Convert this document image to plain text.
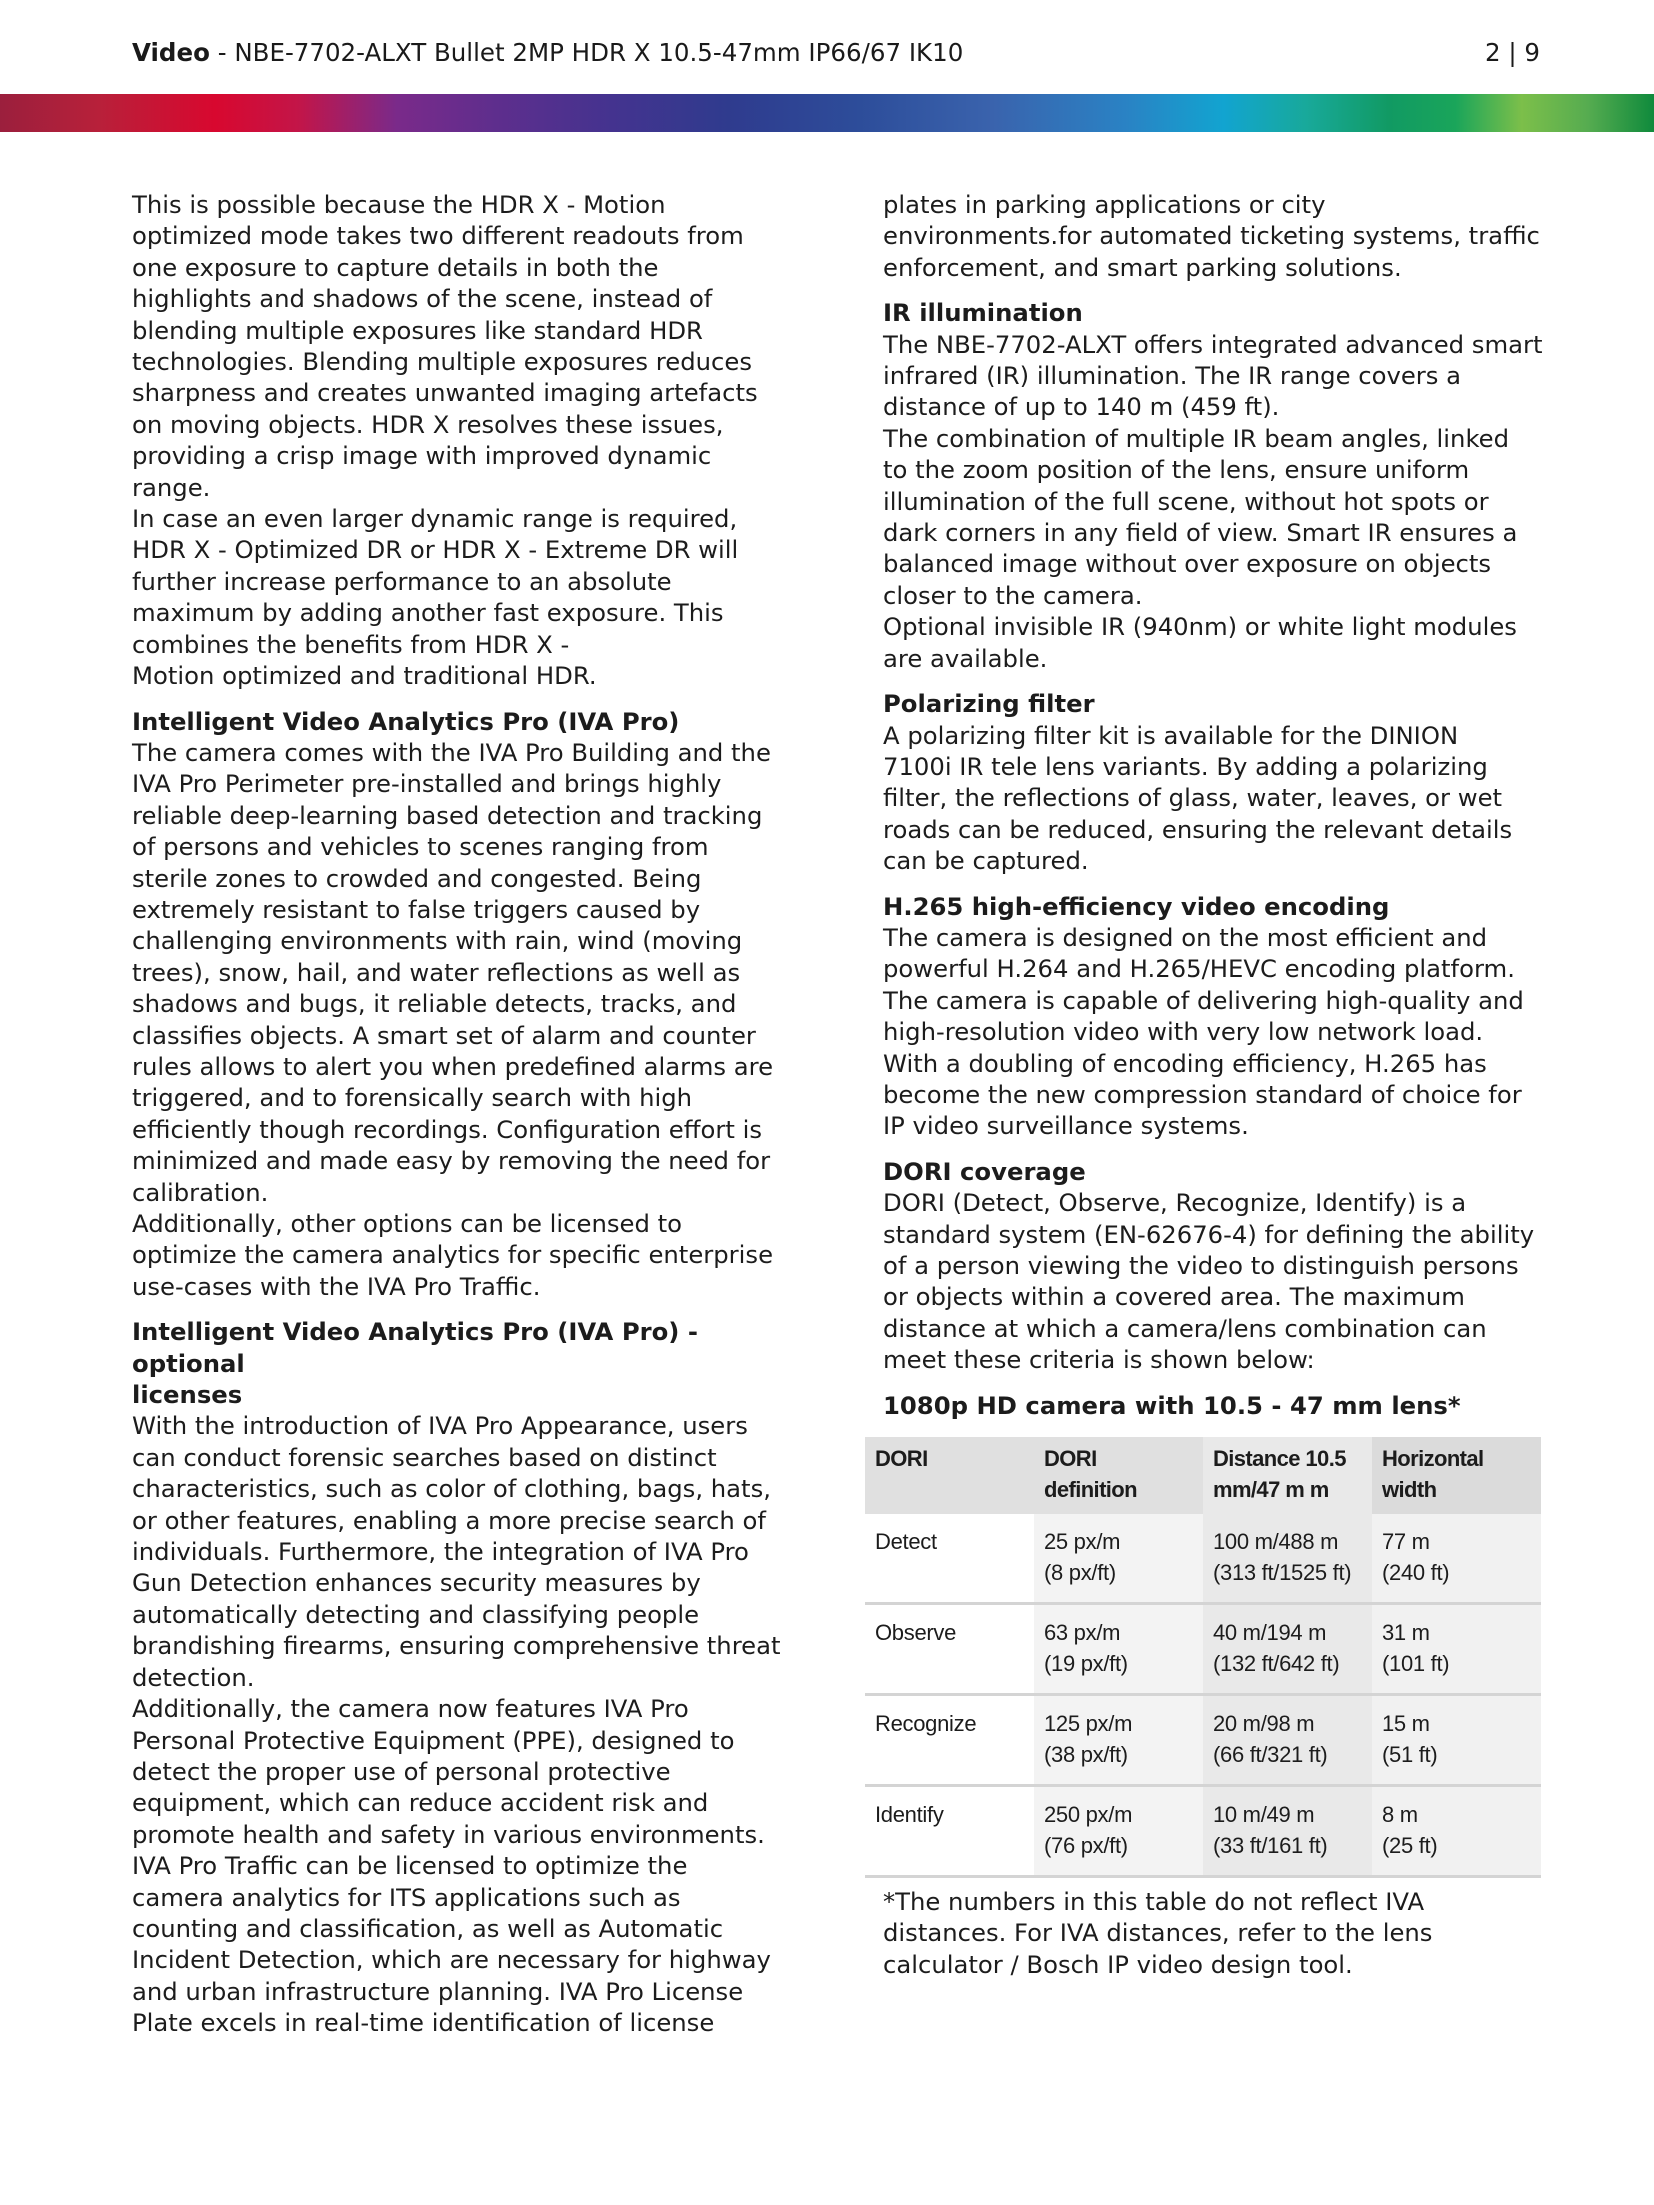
Video - NBE-7702-ALXT Bullet 2MP HDR X 10.5-47mm IP66/67 IK10	2 | 9

This is possible because the HDR X - Motion
optimized mode takes two different readouts from
one exposure to capture details in both the
highlights and shadows of the scene, instead of
blending multiple exposures like standard HDR
technologies. Blending multiple exposures reduces
sharpness and creates unwanted imaging artefacts
on moving objects. HDR X resolves these issues,
providing a crisp image with improved dynamic
range.
In case an even larger dynamic range is required,
HDR X - Optimized DR or HDR X - Extreme DR will
further increase performance to an absolute
maximum by adding another fast exposure. This
combines the benefits from HDR X -
Motion optimized and traditional HDR.

Intelligent Video Analytics Pro (IVA Pro)

The camera comes with the IVA Pro Building and the
IVA Pro Perimeter pre-installed and brings highly
reliable deep-learning based detection and tracking
of persons and vehicles to scenes ranging from
sterile zones to crowded and congested. Being
extremely resistant to false triggers caused by
challenging environments with rain, wind (moving
trees), snow, hail, and water reflections as well as
shadows and bugs, it reliable detects, tracks, and
classifies objects. A smart set of alarm and counter
rules allows to alert you when predefined alarms are
triggered, and to forensically search with high
efficiently though recordings. Configuration effort is
minimized and made easy by removing the need for
calibration.
Additionally, other options can be licensed to
optimize the camera analytics for specific enterprise
use-cases with the IVA Pro Traffic.

Intelligent Video Analytics Pro (IVA Pro) - optional
licenses

With the introduction of IVA Pro Appearance, users
can conduct forensic searches based on distinct
characteristics, such as color of clothing, bags, hats,
or other features, enabling a more precise search of
individuals. Furthermore, the integration of IVA Pro
Gun Detection enhances security measures by
automatically detecting and classifying people
brandishing firearms, ensuring comprehensive threat
detection.
Additionally, the camera now features IVA Pro
Personal Protective Equipment (PPE), designed to
detect the proper use of personal protective
equipment, which can reduce accident risk and
promote health and safety in various environments.
IVA Pro Traffic can be licensed to optimize the
camera analytics for ITS applications such as
counting and classification, as well as Automatic
Incident Detection, which are necessary for highway
and urban infrastructure planning. IVA Pro License
Plate excels in real-time identification of license

plates in parking applications or city
environments.for automated ticketing systems, traffic
enforcement, and smart parking solutions.

IR illumination

The NBE-7702-ALXT offers integrated advanced smart
infrared (IR) illumination. The IR range covers a
distance of up to 140 m (459 ft).
The combination of multiple IR beam angles, linked
to the zoom position of the lens, ensure uniform
illumination of the full scene, without hot spots or
dark corners in any field of view. Smart IR ensures a
balanced image without over exposure on objects
closer to the camera.
Optional invisible IR (940nm) or white light modules
are available.

Polarizing filter

A polarizing filter kit is available for the DINION
7100i IR tele lens variants. By adding a polarizing
filter, the reflections of glass, water, leaves, or wet
roads can be reduced, ensuring the relevant details
can be captured.

H.265 high-efficiency video encoding

The camera is designed on the most efficient and
powerful H.264 and H.265/HEVC encoding platform.
The camera is capable of delivering high-quality and
high-resolution video with very low network load.
With a doubling of encoding efficiency, H.265 has
become the new compression standard of choice for
IP video surveillance systems.

DORI coverage

DORI (Detect, Observe, Recognize, Identify) is a
standard system (EN-62676-4) for defining the ability
of a person viewing the video to distinguish persons
or objects within a covered area. The maximum
distance at which a camera/lens combination can
meet these criteria is shown below:

1080p HD camera with 10.5 - 47 mm lens*

DORI	DORI definition	Distance 10.5 mm/47 m m	Horizontal width
Detect	25 px/m
(8 px/ft)	100 m/488 m
(313 ft/1525 ft)	77 m
(240 ft)
Observe	63 px/m
(19 px/ft)	40 m/194 m
(132 ft/642 ft)	31 m
(101 ft)
Recognize	125 px/m
(38 px/ft)	20 m/98 m
(66 ft/321 ft)	15 m
(51 ft)
Identify	250 px/m
(76 px/ft)	10 m/49 m
(33 ft/161 ft)	8 m
(25 ft)

*The numbers in this table do not reflect IVA
distances. For IVA distances, refer to the lens
calculator / Bosch IP video design tool.
